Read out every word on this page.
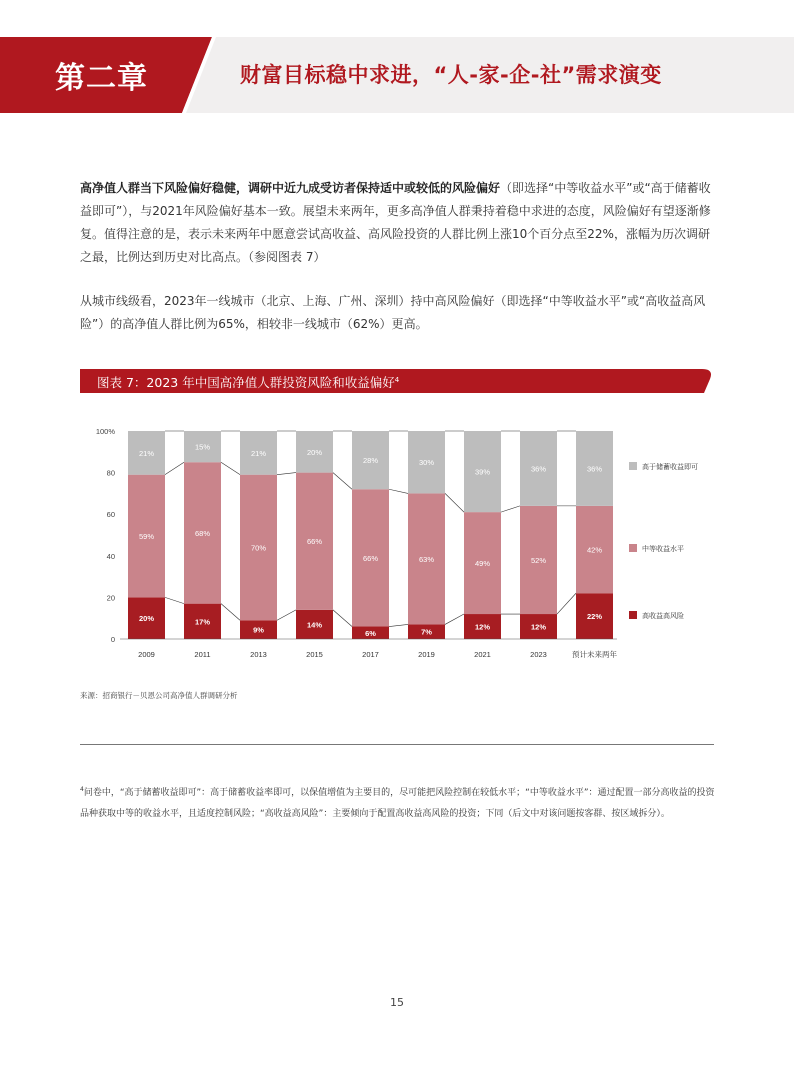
第二章	财富目标稳中求进，“人-家-企-社”需求演变
高净值人群当下风险偏好稳健，调研中近九成受访者保持适中或较低的风险偏好（即选择“中等收益水平”或“高于储蓄收益即可”），与2021年风险偏好基本一致。展望未来两年，更多高净值人群秉持着稳中求进的态度，风险偏好有望逐渐修复。值得注意的是，表示未来两年中愿意尝试高收益、高风险投资的人群比例上涨10个百分点至22%，涨幅为历次调研之最，比例达到历史对比高点。（参阅图表 7）
从城市线级看，2023年一线城市（北京、上海、广州、深圳）持中高风险偏好（即选择“中等收益水平”或“高收益高风险”）的高净值人群比例为65%，相较非一线城市（62%）更高。
图表 7：2023 年中国高净值人群投资风险和收益偏好$^4$
0
20
40
60
80
100%
20%
59%
21%
2009
17%
68%
15%
2011
9%
70%
21%
2013
14%
66%
20%
2015
6%
66%
28%
2017
7%
63%
30%
2019
12%
49%
39%
2021
12%
52%
36%
2023
22%
42%
36%
预计未来两年
高于储蓄收益即可
中等收益水平
高收益高风险
来源：招商银行－贝恩公司高净值人群调研分析
$^4$问卷中，“高于储蓄收益即可”：高于储蓄收益率即可，以保值增值为主要目的，尽可能把风险控制在较低水平；“中等收益水平”：通过配置一部分高收益的投资品种获取中等的收益水平，且适度控制风险；“高收益高风险”：主要倾向于配置高收益高风险的投资；下同（后文中对该问题按客群、按区域拆分）。
15
